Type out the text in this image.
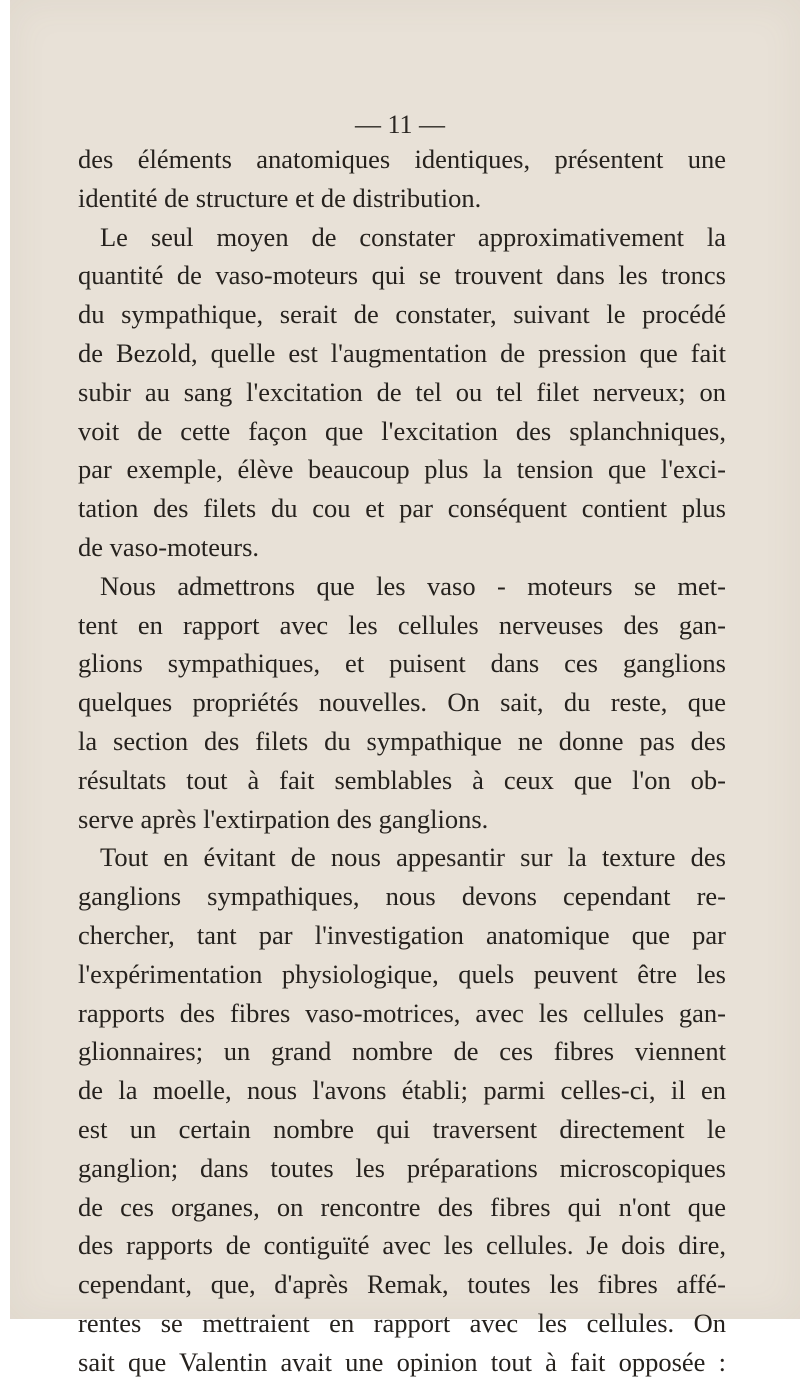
— 11 —
des éléments anatomiques identiques, présentent une
identité de structure et de distribution.
Le seul moyen de constater approximativement la
quantité de vaso-moteurs qui se trouvent dans les troncs
du sympathique, serait de constater, suivant le procédé
de Bezold, quelle est l'augmentation de pression que fait
subir au sang l'excitation de tel ou tel filet nerveux; on
voit de cette façon que l'excitation des splanchniques,
par exemple, élève beaucoup plus la tension que l'exci-
tation des filets du cou et par conséquent contient plus
de vaso-moteurs.
Nous admettrons que les vaso - moteurs se met-
tent en rapport avec les cellules nerveuses des gan-
glions sympathiques, et puisent dans ces ganglions
quelques propriétés nouvelles. On sait, du reste, que
la section des filets du sympathique ne donne pas des
résultats tout à fait semblables à ceux que l'on ob-
serve après l'extirpation des ganglions.
Tout en évitant de nous appesantir sur la texture des
ganglions sympathiques, nous devons cependant re-
chercher, tant par l'investigation anatomique que par
l'expérimentation physiologique, quels peuvent être les
rapports des fibres vaso-motrices, avec les cellules gan-
glionnaires; un grand nombre de ces fibres viennent
de la moelle, nous l'avons établi; parmi celles-ci, il en
est un certain nombre qui traversent directement le
ganglion; dans toutes les préparations microscopiques
de ces organes, on rencontre des fibres qui n'ont que
des rapports de contiguïté avec les cellules. Je dois dire,
cependant, que, d'après Remak, toutes les fibres affé-
rentes se mettraient en rapport avec les cellules. On
sait que Valentin avait une opinion tout à fait opposée :
